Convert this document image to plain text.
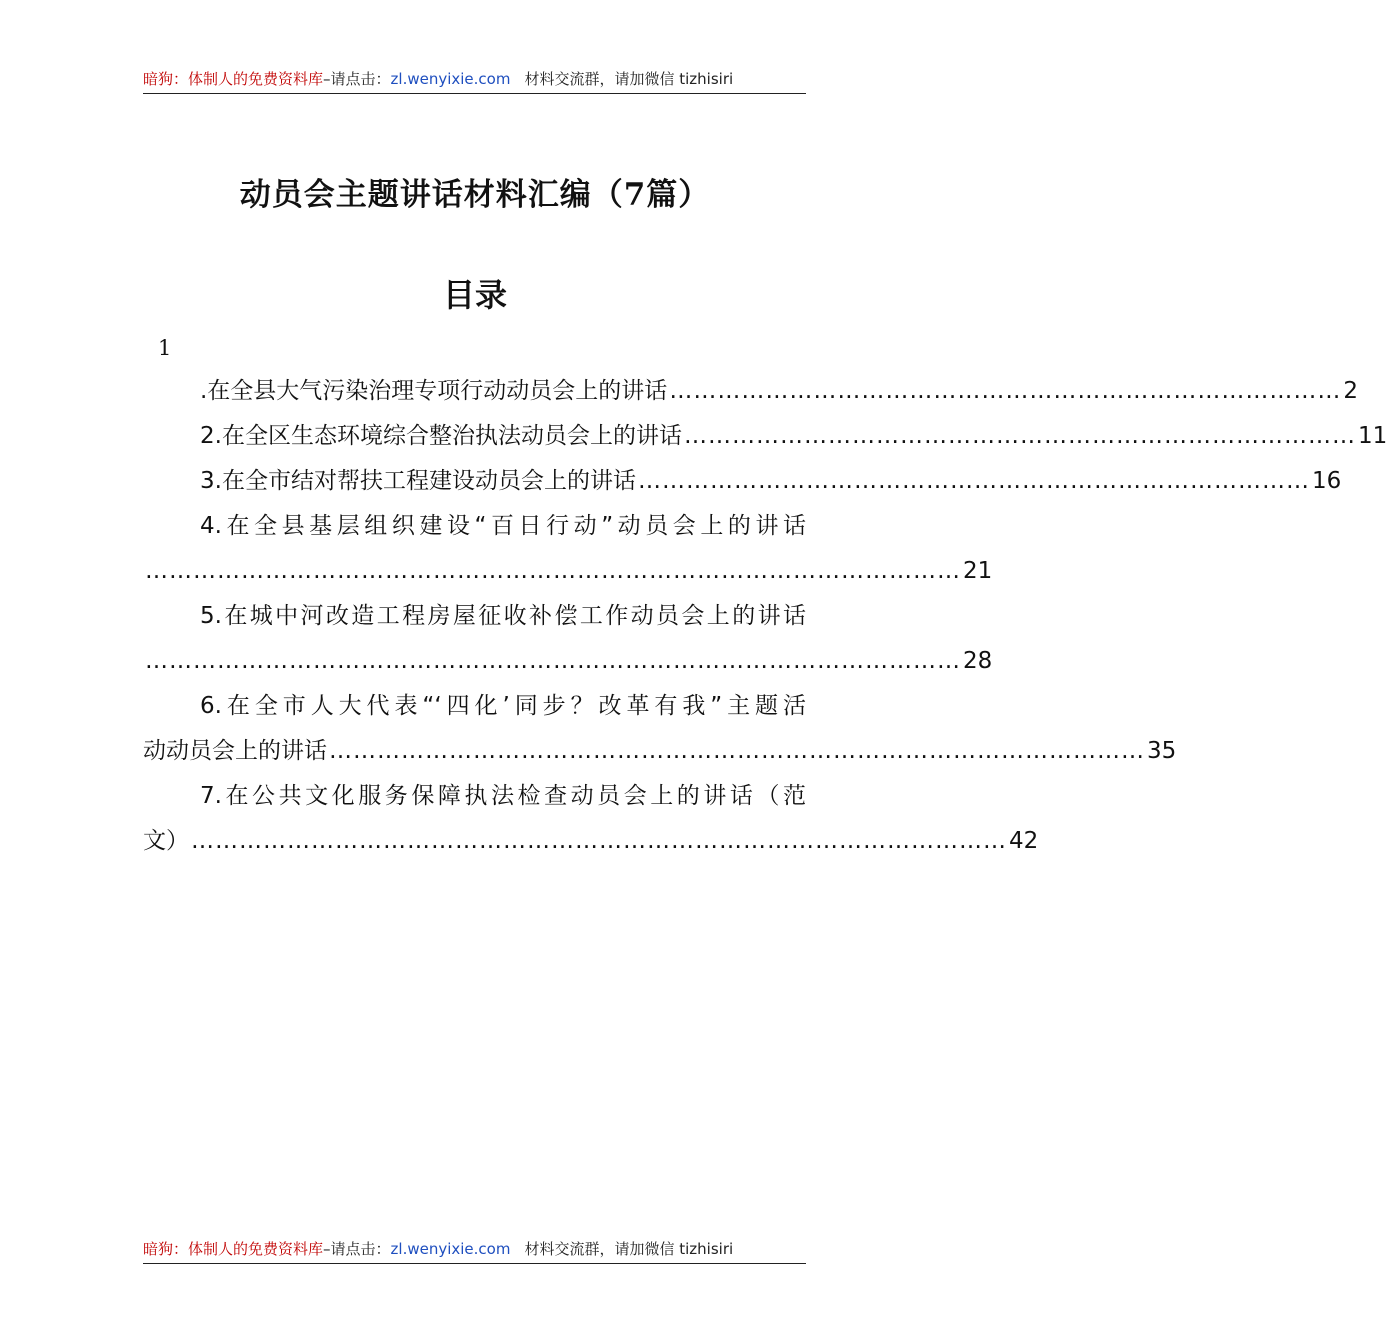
暗狗：体制人的免费资料库–请点击：zl.wenyixie.com 材料交流群，请加微信 tizhisiri
动员会主题讲话材料汇编（7篇）
目录
1
.在全县大气污染治理专项行动动员会上的讲话 ………………………………………………………………………… 2
2.在全区生态环境综合整治执法动员会上的讲话 ………………………………………………………………………… 11
3.在全市结对帮扶工程建设动员会上的讲话 ………………………………………………………………………… 16
4.在全县基层组织建设“百日行动”动员会上的讲话
………………………………………………………………………………………… 21
5.在城中河改造工程房屋征收补偿工作动员会上的讲话
………………………………………………………………………………………… 28
6.在全市人大代表“‘四化’同步？改革有我”主题活
动动员会上的讲话 ………………………………………………………………………………………… 35
7.在公共文化服务保障执法检查动员会上的讲话（范
文） ………………………………………………………………………………………… 42
暗狗：体制人的免费资料库–请点击：zl.wenyixie.com 材料交流群，请加微信 tizhisiri
